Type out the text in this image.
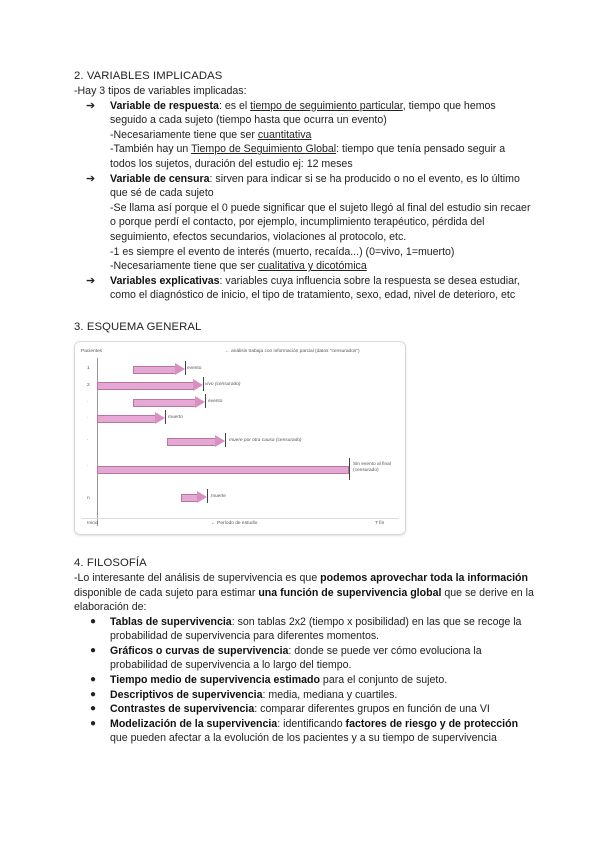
2. VARIABLES IMPLICADAS
-Hay 3 tipos de variables implicadas:
➔ Variable de respuesta: es el tiempo de seguimiento particular, tiempo que hemos seguido a cada sujeto (tiempo hasta que ocurra un evento)
-Necesariamente tiene que ser cuantitativa
-También hay un Tiempo de Seguimiento Global: tiempo que tenía pensado seguir a todos los sujetos, duración del estudio ej: 12 meses
➔ Variable de censura: sirven para indicar si se ha producido o no el evento, es lo último que sé de cada sujeto
-Se llama así porque el 0 puede significar que el sujeto llegó al final del estudio sin recaer o porque perdí el contacto, por ejemplo, incumplimiento terapéutico, pérdida del seguimiento, efectos secundarios, violaciones al protocolo, etc.
-1 es siempre el evento de interés (muerto, recaída...) (0=vivo, 1=muerto)
-Necesariamente tiene que ser cualitativa y dicotómica
➔ Variables explicativas: variables cuya influencia sobre la respuesta se desea estudiar, como el diagnóstico de inicio, el tipo de tratamiento, sexo, edad, nivel de deterioro, etc
3. ESQUEMA GENERAL
Pacientes	← análisis trabaja con información parcial (datos "censurados")
1
2
·
·
·
·
n
evento
vivo (censurado)
evento
muerto
muere por otra causa (censurado)
Sin evento al final (censurado)
muerte
Inicio	← Período de estudio	T fin
4. FILOSOFÍA
-Lo interesante del análisis de supervivencia es que podemos aprovechar toda la información disponible de cada sujeto para estimar una función de supervivencia global que se derive en la elaboración de:
● Tablas de supervivencia: son tablas 2x2 (tiempo x posibilidad) en las que se recoge la probabilidad de supervivencia para diferentes momentos.
● Gráficos o curvas de supervivencia: donde se puede ver cómo evoluciona la probabilidad de supervivencia a lo largo del tiempo.
● Tiempo medio de supervivencia estimado para el conjunto de sujeto.
● Descriptivos de supervivencia: media, mediana y cuartiles.
● Contrastes de supervivencia: comparar diferentes grupos en función de una VI
● Modelización de la supervivencia: identificando factores de riesgo y de protección que pueden afectar a la evolución de los pacientes y a su tiempo de supervivencia
